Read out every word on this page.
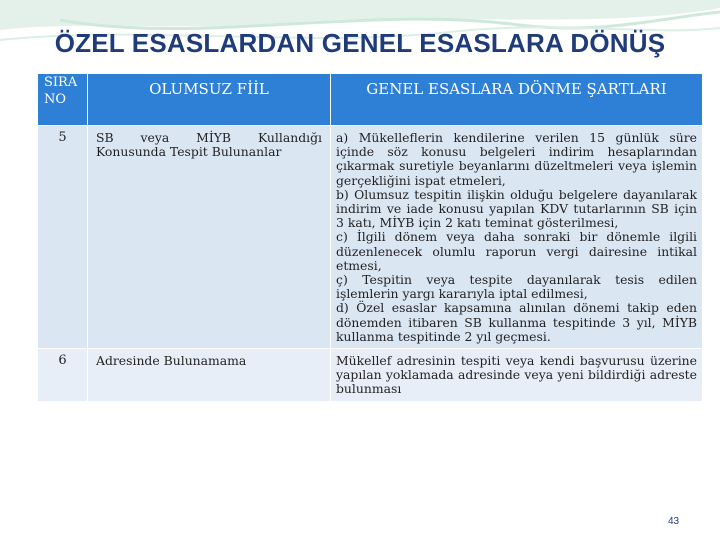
ÖZEL ESASLARDAN GENEL ESASLARA DÖNÜŞ
SIRA NO	OLUMSUZ FİİL	GENEL ESASLARA DÖNME ŞARTLARI
5	SB veya MİYB Kullandığı Konusunda Tespit Bulunanlar	a) Mükelleflerin kendilerine verilen 15 günlük süre içinde söz konusu belgeleri indirim hesaplarından çıkarmak suretiyle beyanlarını düzeltmeleri veya işlemin gerçekliğini ispat etmeleri,
b) Olumsuz tespitin ilişkin olduğu belgelere dayanılarak indirim ve iade konusu yapılan KDV tutarlarının SB için 3 katı, MİYB için 2 katı teminat gösterilmesi,
c) İlgili dönem veya daha sonraki bir dönemle ilgili düzenlenecek olumlu raporun vergi dairesine intikal etmesi,
ç) Tespitin veya tespite dayanılarak tesis edilen işlemlerin yargı kararıyla iptal edilmesi,
d) Özel esaslar kapsamına alınılan dönemi takip eden dönemden itibaren SB kullanma tespitinde 3 yıl, MİYB kullanma tespitinde 2 yıl geçmesi.
6	Adresinde Bulunamama	Mükellef adresinin tespiti veya kendi başvurusu üzerine yapılan yoklamada adresinde veya yeni bildirdiği adreste bulunması
43
